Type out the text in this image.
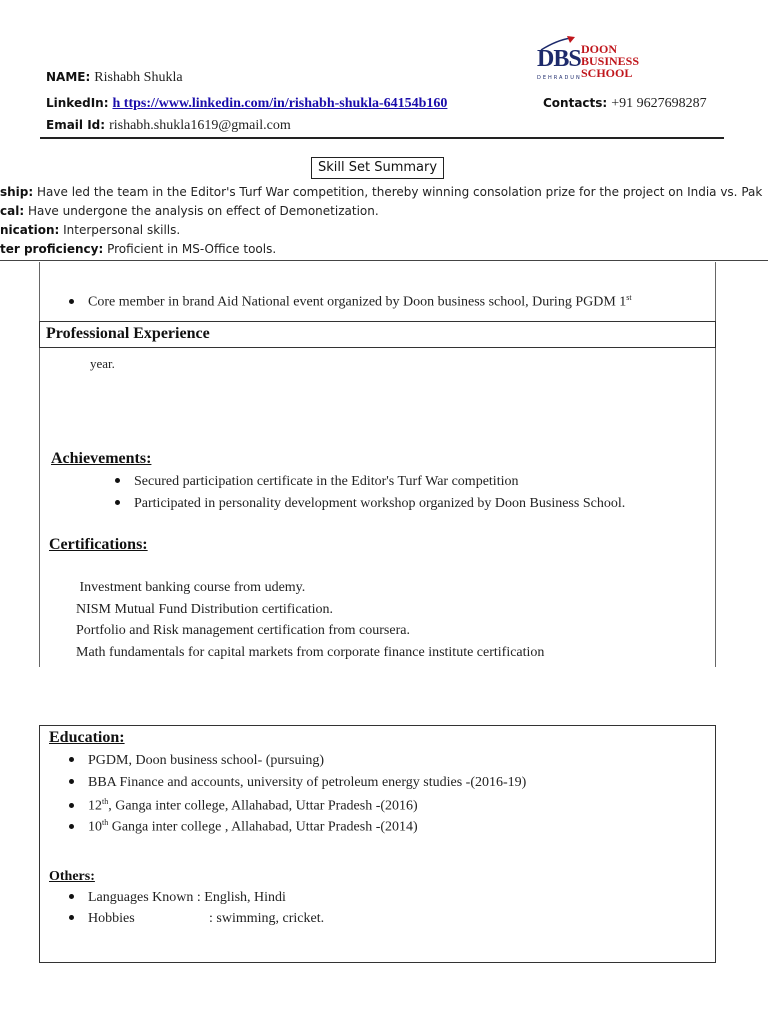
NAME: Rishabh Shukla
LinkedIn: h ttps://www.linkedin.com/in/rishabh-shukla-64154b160	Contacts: +91 9627698287
Email Id: rishabh.shukla1619@gmail.com
DBS DOON
BUSINESS
SCHOOL
DEHRADUN
Skill Set Summary
ship: Have led the team in the Editor's Turf War competition, thereby winning consolation prize for the project on India vs. Pak
cal: Have undergone the analysis on effect of Demonetization.
nication: Interpersonal skills.
ter proficiency: Proficient in MS-Office tools.
Core member in brand Aid National event organized by Doon business school, During PGDM 1st
Professional Experience
year.
Achievements:
Secured participation certificate in the Editor's Turf War competition
Participated in personality development workshop organized by Doon Business School.
Certifications:
Investment banking course from udemy.
NISM Mutual Fund Distribution certification.
Portfolio and Risk management certification from coursera.
Math fundamentals for capital markets from corporate finance institute certification
Education:
PGDM, Doon business school- (pursuing)
BBA Finance and accounts, university of petroleum energy studies -(2016-19)
12th, Ganga inter college, Allahabad, Uttar Pradesh -(2016)
10th Ganga inter college , Allahabad, Uttar Pradesh -(2014)
Others:
Languages Known : English, Hindi
Hobbies	: swimming, cricket.
